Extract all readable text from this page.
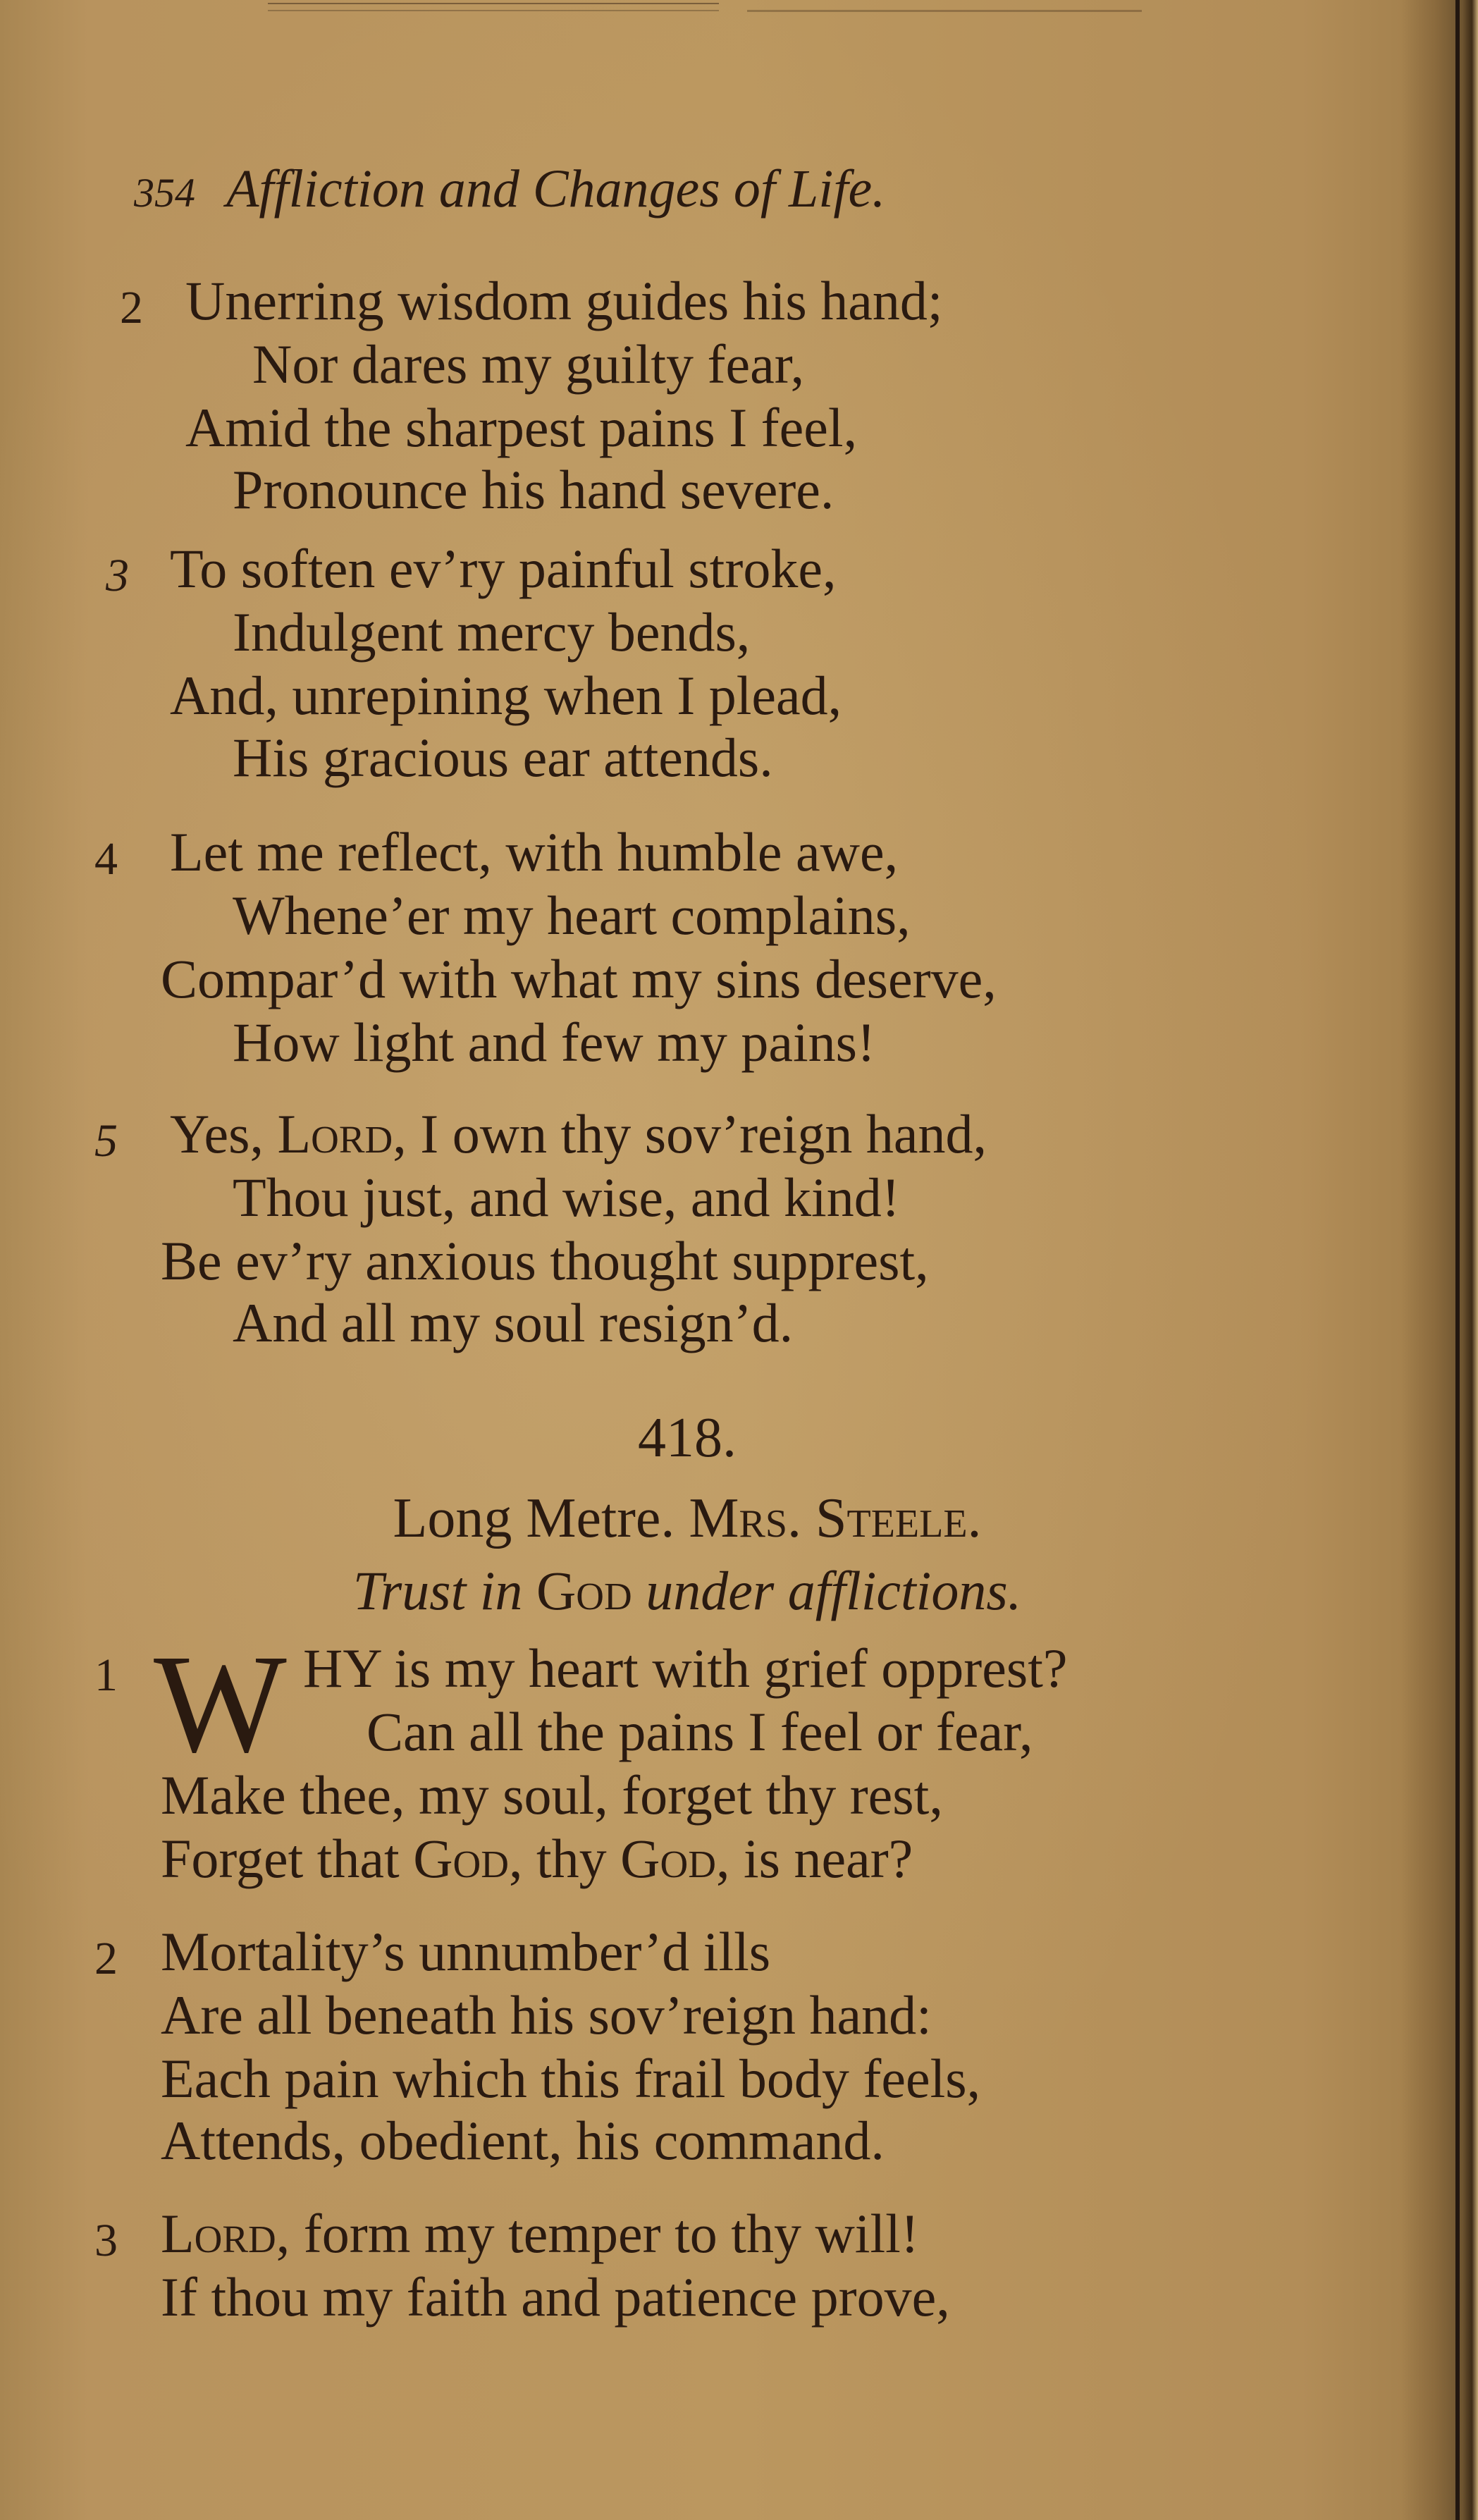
354 Affliction and Changes of Life.
2 Unerring wisdom guides his hand;
Nor dares my guilty fear,
Amid the sharpest pains I feel,
Pronounce his hand severe.
3 To soften ev’ry painful stroke,
Indulgent mercy bends,
And, unrepining when I plead,
His gracious ear attends.
4 Let me reflect, with humble awe,
Whene’er my heart complains,
Compar’d with what my sins deserve,
How light and few my pains!
5 Yes, Lord, I own thy sov’reign hand,
Thou just, and wise, and kind!
Be ev’ry anxious thought supprest,
And all my soul resign’d.
418.
Long Metre. Mrs. Steele.
Trust in God under afflictions.
1 W HY is my heart with grief opprest?
Can all the pains I feel or fear,
Make thee, my soul, forget thy rest,
Forget that God, thy God, is near?
2 Mortality’s unnumber’d ills
Are all beneath his sov’reign hand:
Each pain which this frail body feels,
Attends, obedient, his command.
3 Lord, form my temper to thy will!
If thou my faith and patience prove,
